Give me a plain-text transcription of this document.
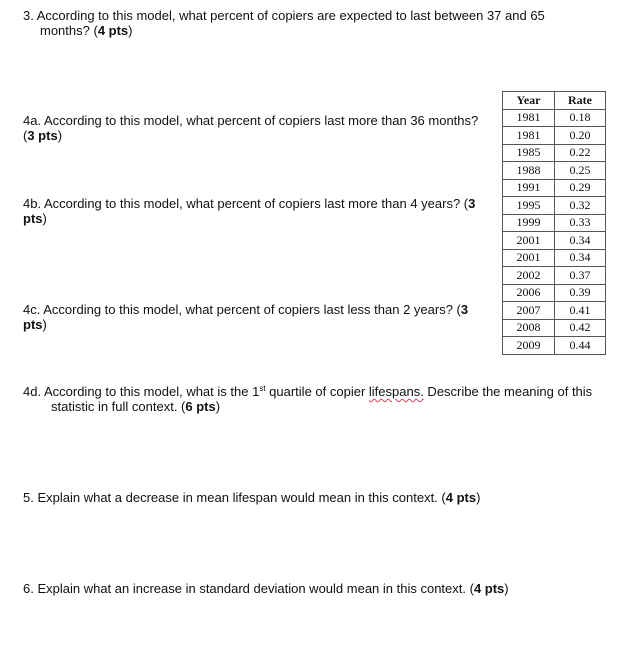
3. According to this model, what percent of copiers are expected to last between 37 and 65
months? (4 pts)

4a. According to this model, what percent of copiers last more than 36 months?
(3 pts)

4b. According to this model, what percent of copiers last more than 4 years? (3
pts)

4c. According to this model, what percent of copiers last less than 2 years? (3
pts)

Year	Rate
1981	0.18
1981	0.20
1985	0.22
1988	0.25
1991	0.29
1995	0.32
1999	0.33
2001	0.34
2001	0.34
2002	0.37
2006	0.39
2007	0.41
2008	0.42
2009	0.44

4d. According to this model, what is the 1st quartile of copier lifespans. Describe the meaning of this
statistic in full context. (6 pts)

5. Explain what a decrease in mean lifespan would mean in this context. (4 pts)

6. Explain what an increase in standard deviation would mean in this context. (4 pts)
